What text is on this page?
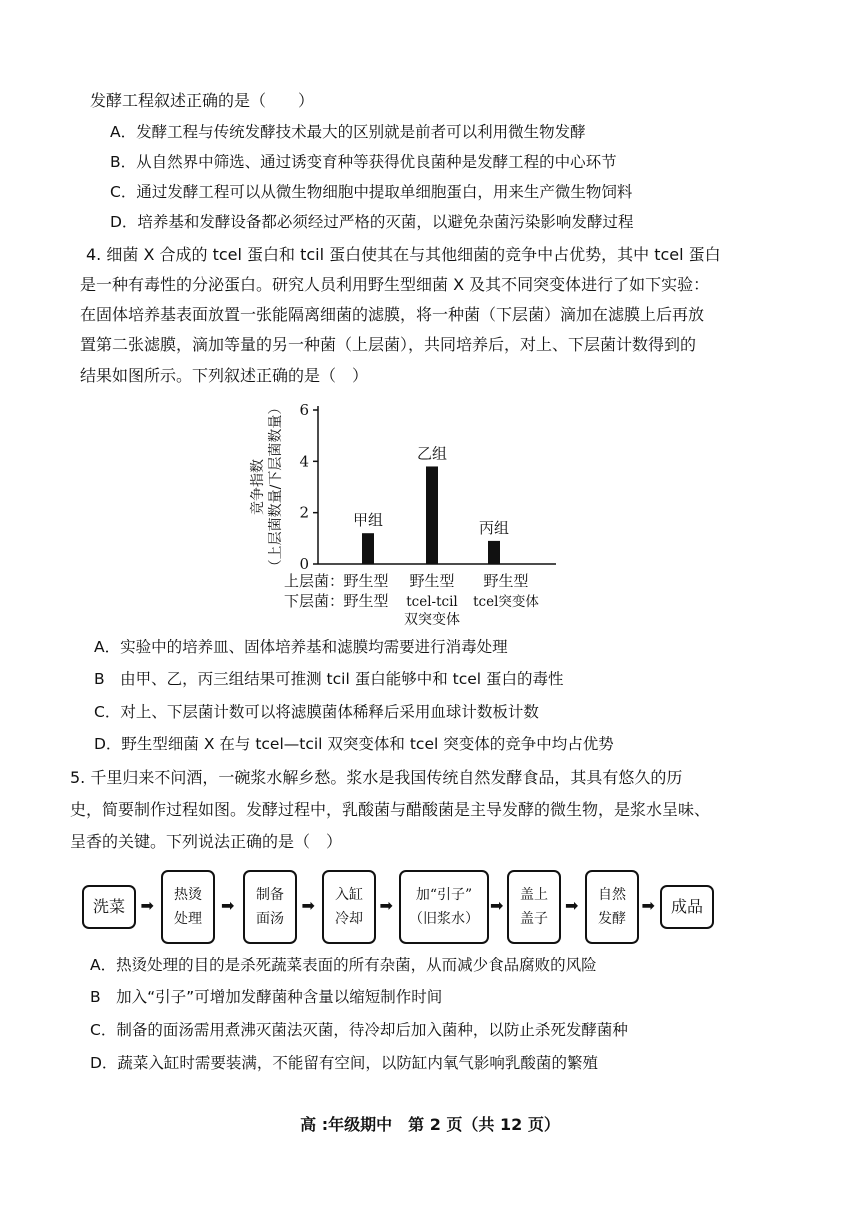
发酵工程叙述正确的是（　　）
A．发酵工程与传统发酵技术最大的区别就是前者可以利用微生物发酵
B．从自然界中筛选、通过诱变育种等获得优良菌种是发酵工程的中心环节
C．通过发酵工程可以从微生物细胞中提取单细胞蛋白，用来生产微生物饲料
D．培养基和发酵设备都必须经过严格的灭菌，以避免杂菌污染影响发酵过程
4. 细菌 X 合成的 tcel 蛋白和 tcil 蛋白使其在与其他细菌的竞争中占优势，其中 tcel 蛋白
是一种有毒性的分泌蛋白。研究人员利用野生型细菌 X 及其不同突变体进行了如下实验：
在固体培养基表面放置一张能隔离细菌的滤膜，将一种菌（下层菌）滴加在滤膜上后再放
置第二张滤膜，滴加等量的另一种菌（上层菌），共同培养后，对上、下层菌计数得到的
结果如图所示。下列叙述正确的是（　）
0
2
4
6
竞争指数 （上层菌数量/下层菌数量）	甲组
乙组
丙组
上层菌：
下层菌：
野生型 野生型 野生型
野生型 tcel-tcil tcel突变体
双突变体
A．实验中的培养皿、固体培养基和滤膜均需要进行消毒处理
B　由甲、乙，丙三组结果可推测 tcil 蛋白能够中和 tcel 蛋白的毒性
C．对上、下层菌计数可以将滤膜菌体稀释后采用血球计数板计数
D．野生型细菌 X 在与 tcel—tcil 双突变体和 tcel 突变体的竞争中均占优势
5. 千里归来不问酒，一碗浆水解乡愁。浆水是我国传统自然发酵食品，其具有悠久的历
史，简要制作过程如图。发酵过程中，乳酸菌与醋酸菌是主导发酵的微生物，是浆水呈味、
呈香的关键。下列说法正确的是（　）
洗菜 ➡
热烫
处理
➡
制备
面汤
➡
入缸
冷却
➡
加“引子”
（旧浆水）
➡
盖上
盖子
➡
自然
发酵
➡ 成品
A．热烫处理的目的是杀死蔬菜表面的所有杂菌，从而减少食品腐败的风险
B　加入“引子”可增加发酵菌种含量以缩短制作时间
C．制备的面汤需用煮沸灭菌法灭菌，待冷却后加入菌种，以防止杀死发酵菌种
D．蔬菜入缸时需要装满，不能留有空间，以防缸内氧气影响乳酸菌的繁殖
高 :年级期中　第 2 页（共 12 页）
